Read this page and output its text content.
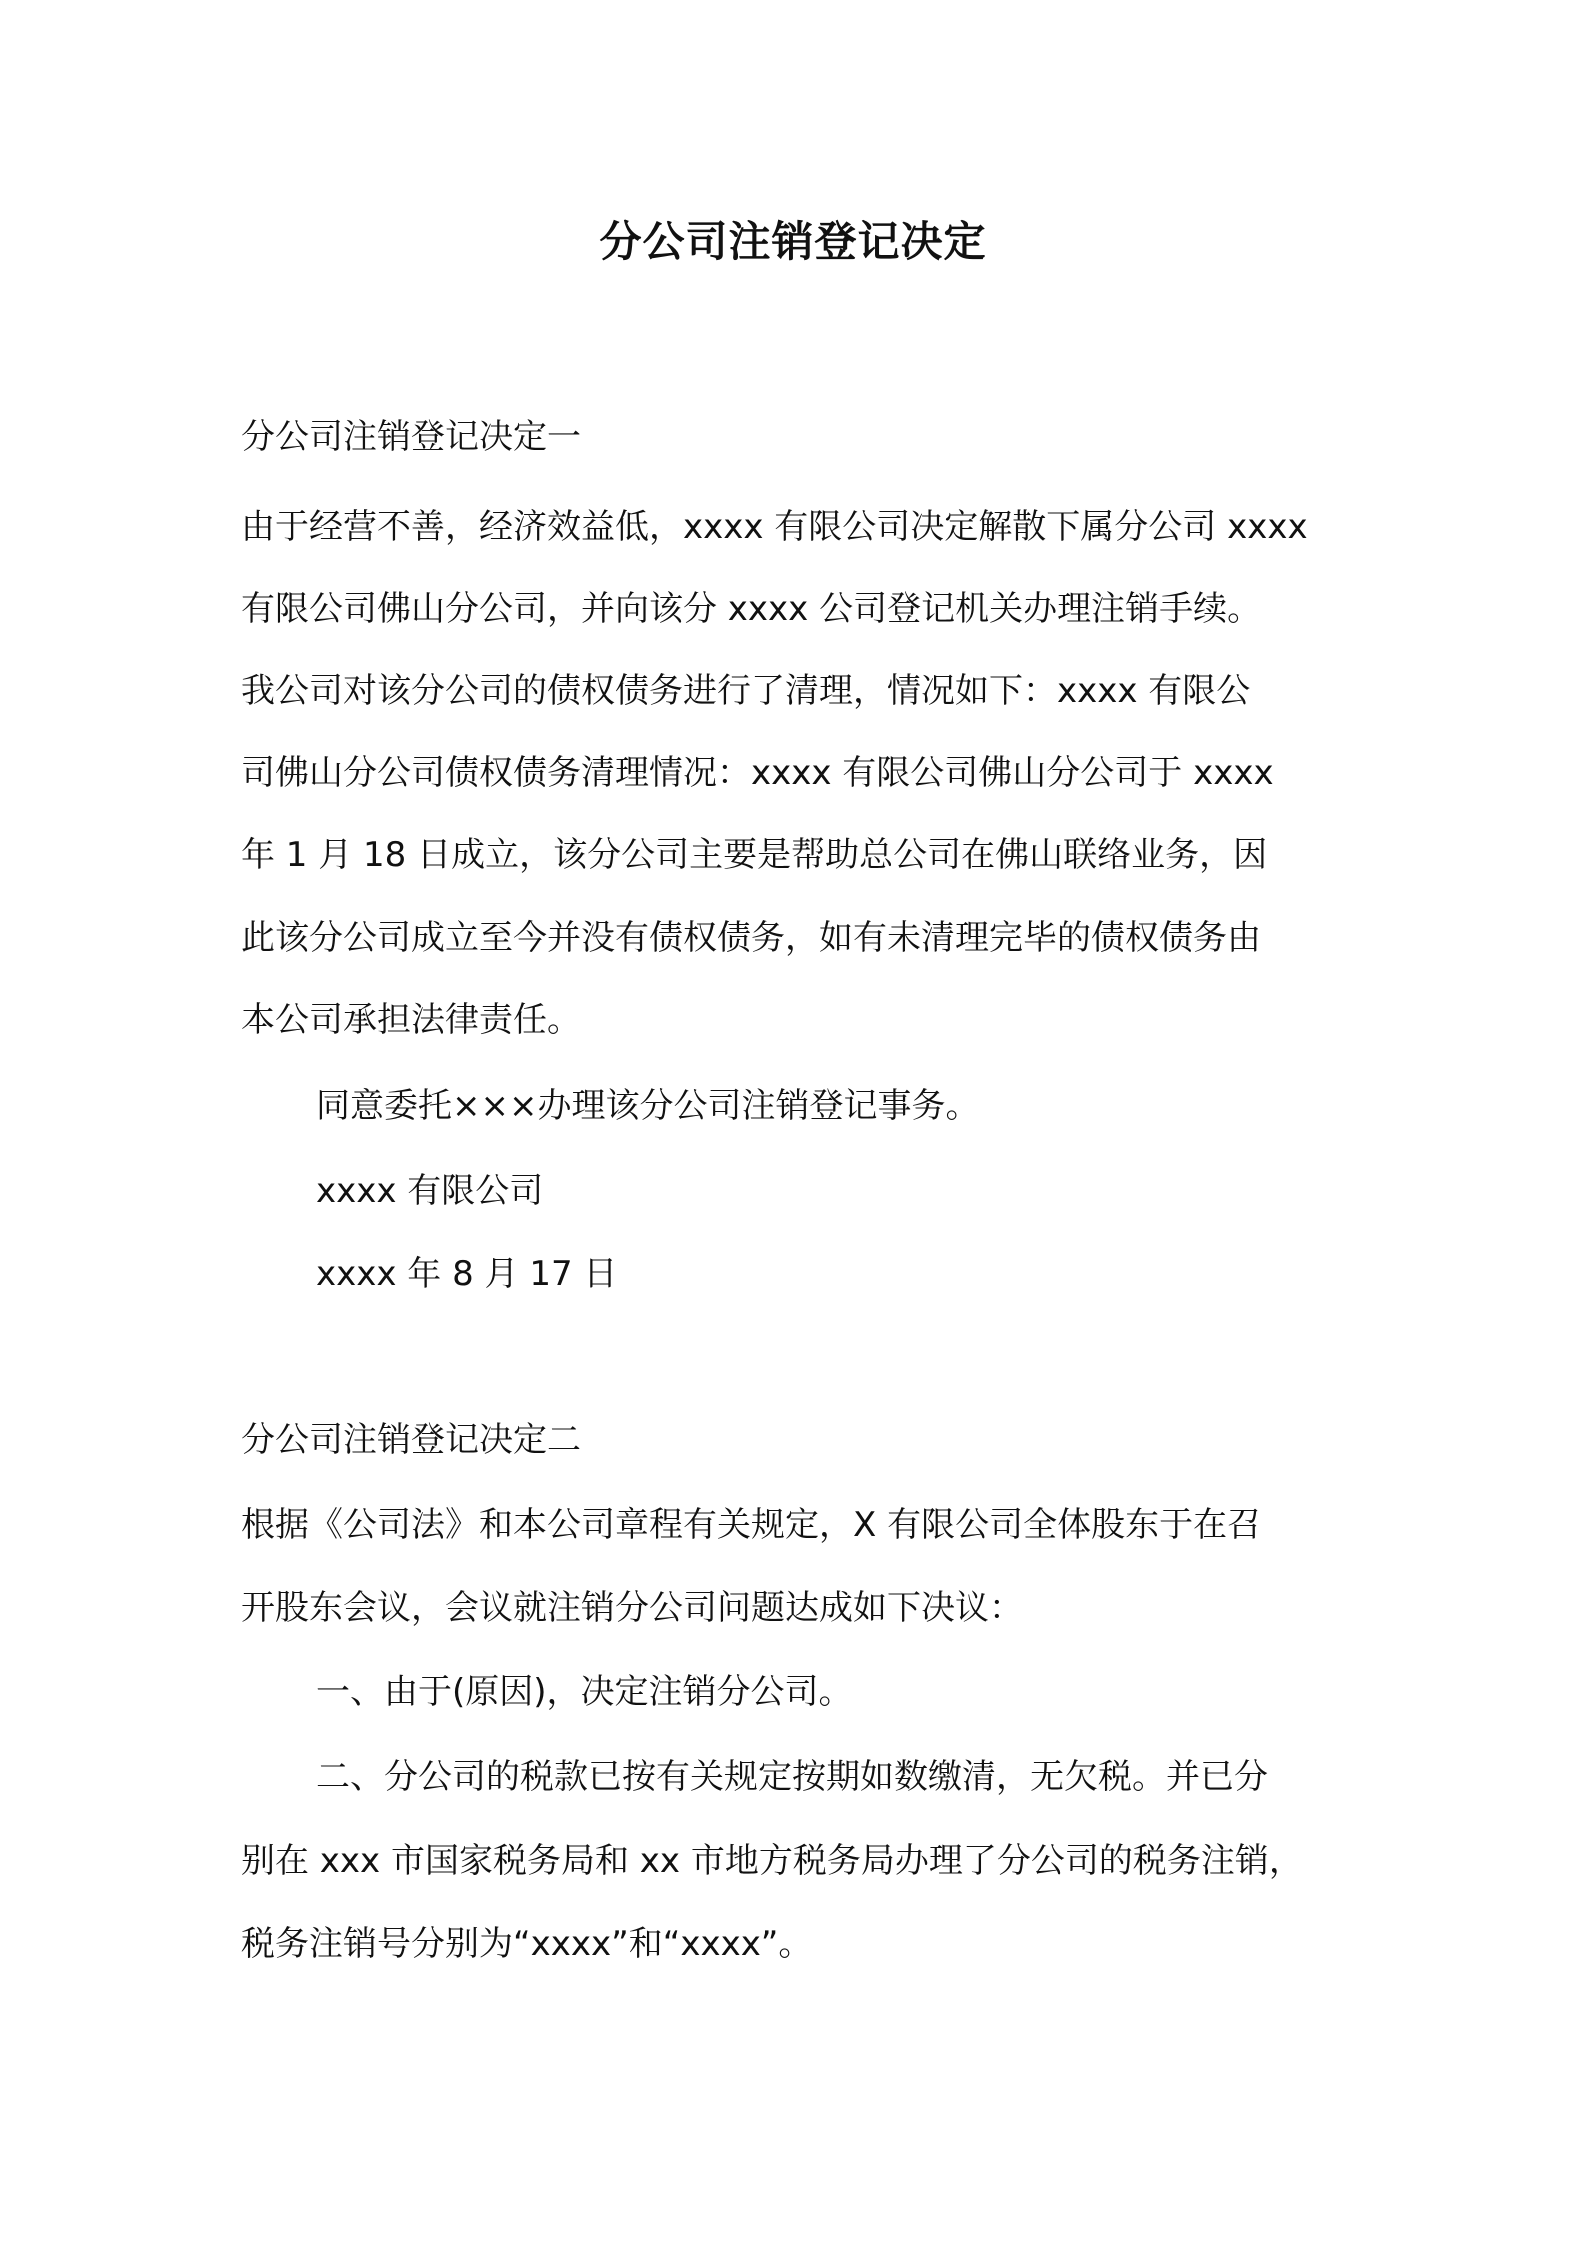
分公司注销登记决定

分公司注销登记决定一

由于经营不善，经济效益低，xxxx 有限公司决定解散下属分公司 xxxx

有限公司佛山分公司，并向该分 xxxx 公司登记机关办理注销手续。

我公司对该分公司的债权债务进行了清理，情况如下：xxxx 有限公

司佛山分公司债权债务清理情况：xxxx 有限公司佛山分公司于 xxxx

年 1 月 18 日成立，该分公司主要是帮助总公司在佛山联络业务，因

此该分公司成立至今并没有债权债务，如有未清理完毕的债权债务由

本公司承担法律责任。

同意委托×××办理该分公司注销登记事务。

xxxx 有限公司

xxxx 年 8 月 17 日

分公司注销登记决定二

根据《公司法》和本公司章程有关规定，X 有限公司全体股东于在召

开股东会议，会议就注销分公司问题达成如下决议：

一、由于(原因)，决定注销分公司。

二、分公司的税款已按有关规定按期如数缴清，无欠税。并已分

别在 xxx 市国家税务局和 xx 市地方税务局办理了分公司的税务注销，

税务注销号分别为“xxxx”和“xxxx”。
